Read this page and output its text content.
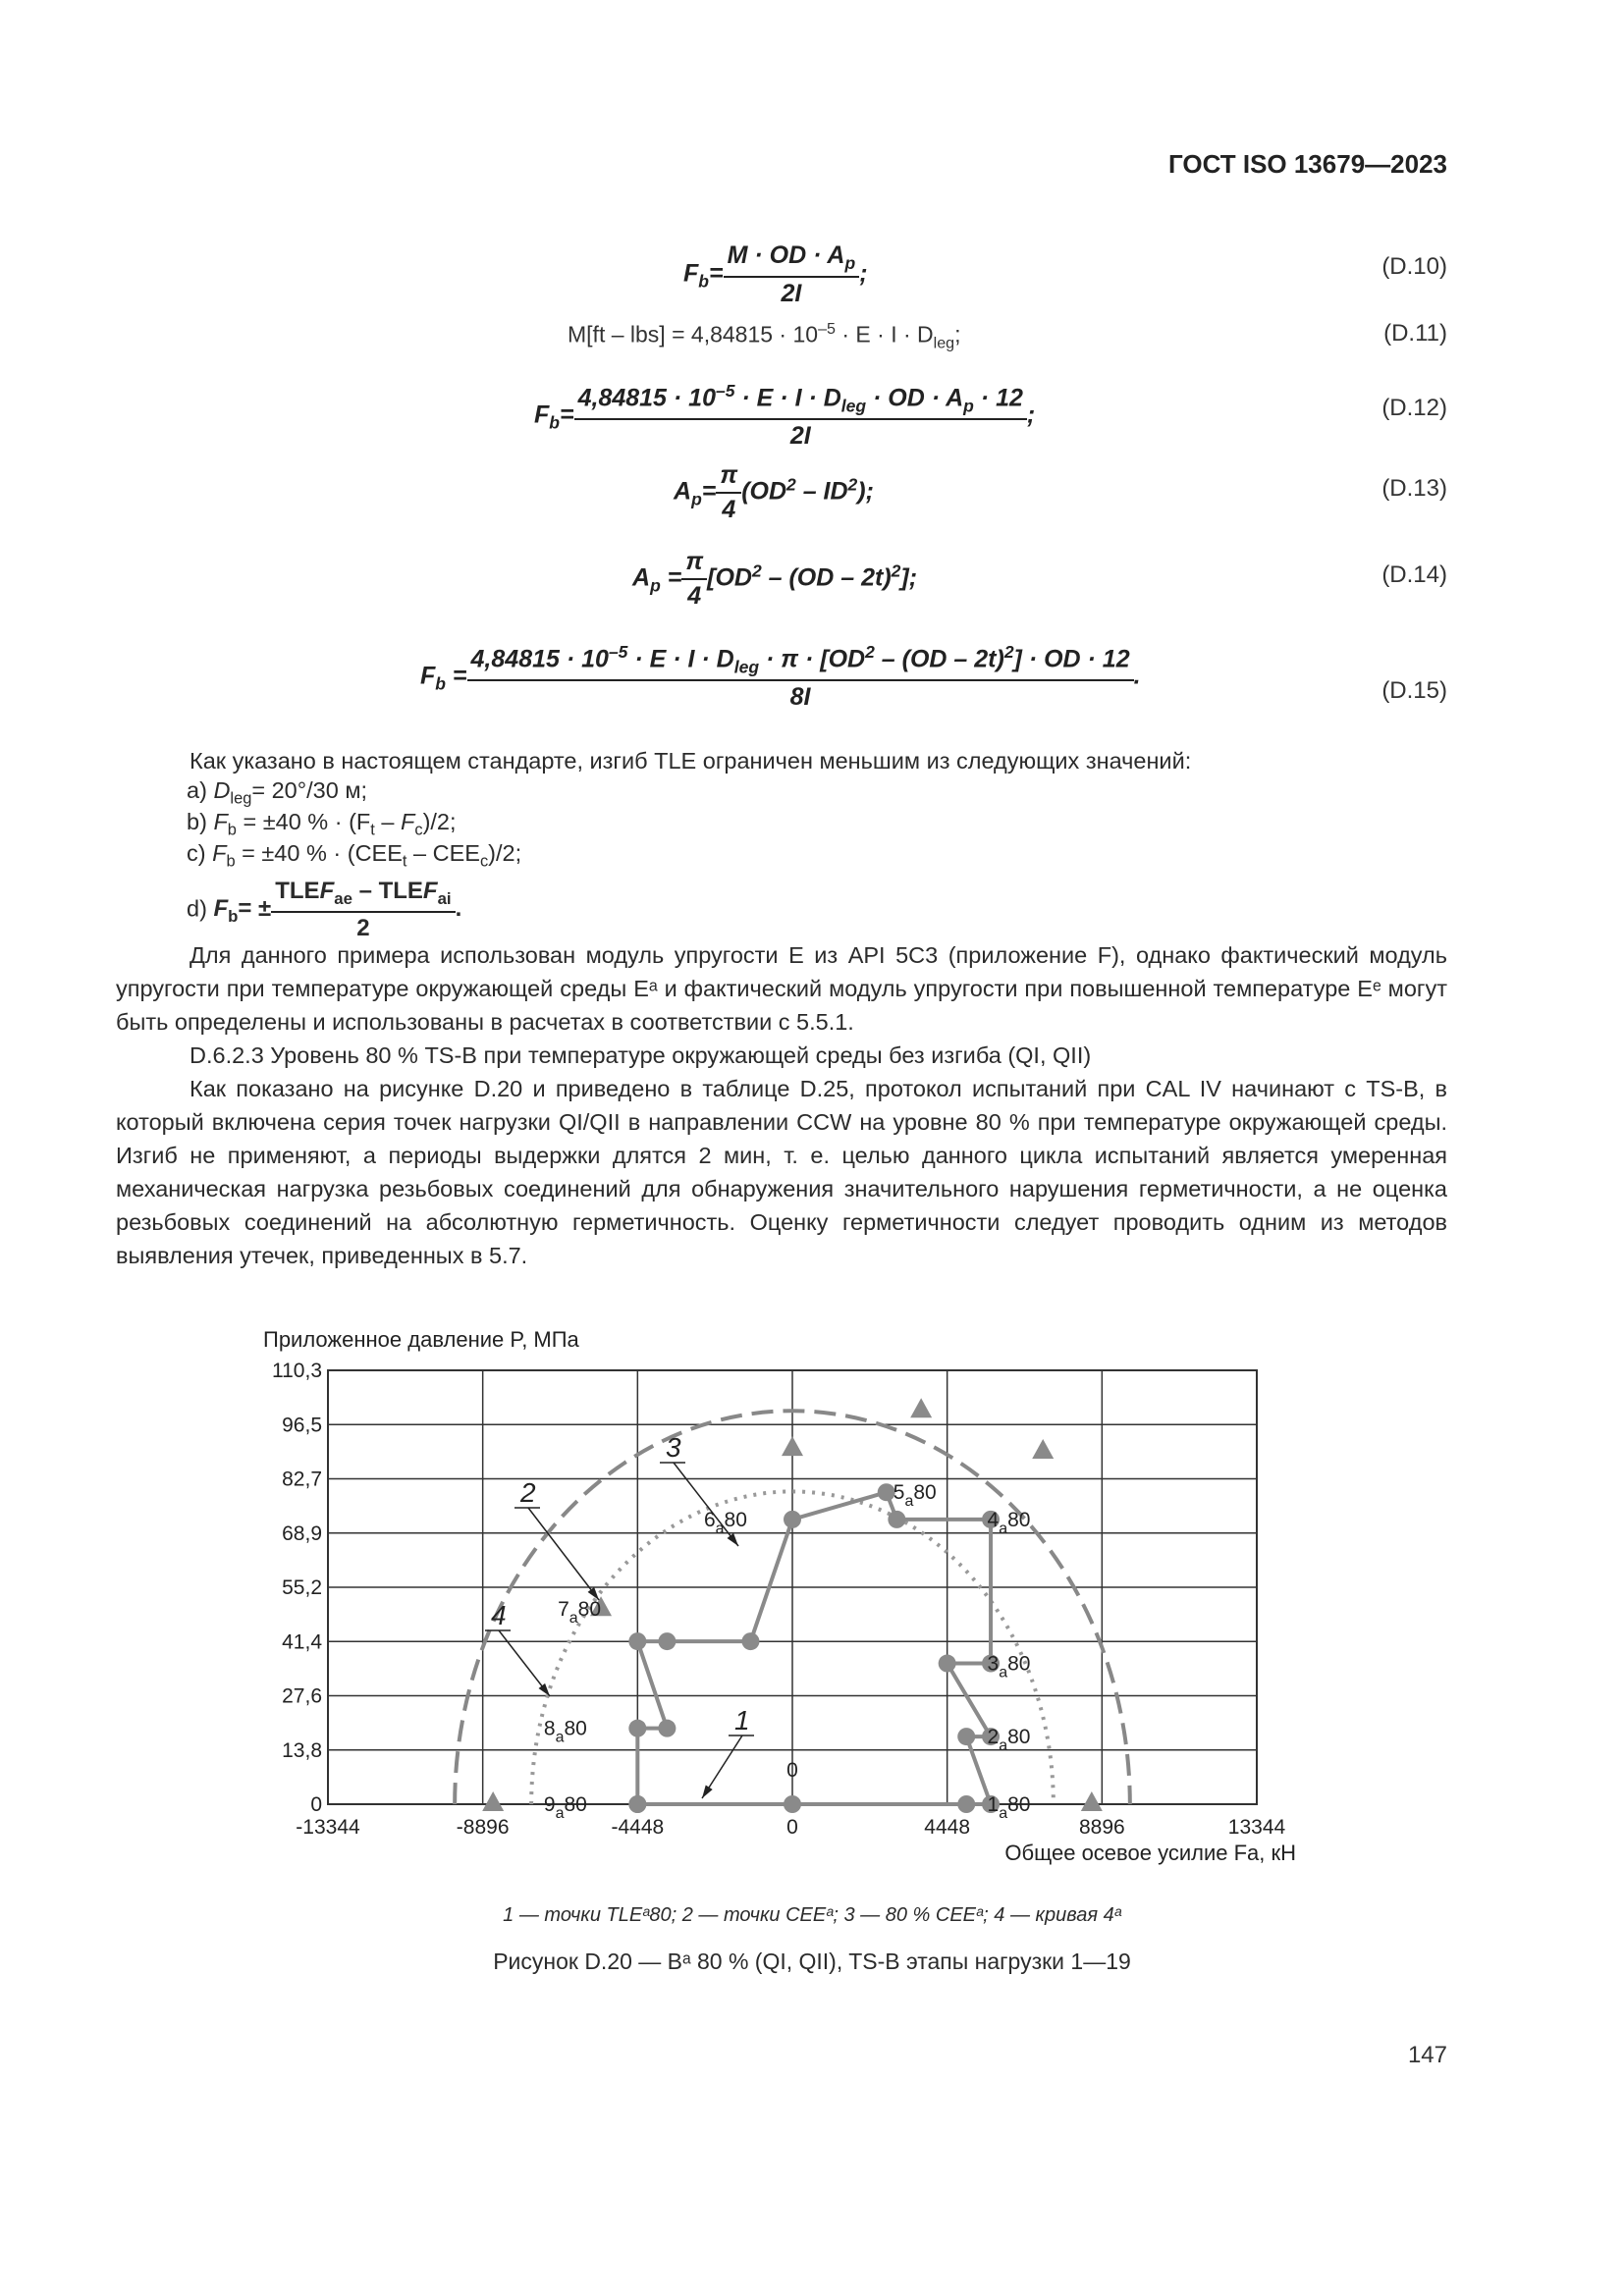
ГОСТ ISO 13679—2023
$F_b= \frac{M \cdot OD \cdot A_p}{2I}$ ;	(D.10)
$M[ft - lbs] = 4,84815 \cdot 10^{-5} \cdot E \cdot I \cdot D_{leg}$;	(D.11)
$F_b= \frac{4,84815 \cdot 10^{-5} \cdot E \cdot I \cdot D_{leg} \cdot OD \cdot A_p \cdot 12}{2I}$ ;	(D.12)
$A_p= \frac{\pi}{4} (OD^2 - ID^2)$;	(D.13)
$A_p = \frac{\pi}{4} [OD^2 - (OD - 2t)^2]$;	(D.14)
$F_b$ =
$4,84815 \cdot 10^{-5} \cdot E \cdot I \cdot D_{leg} \cdot \pi \cdot [OD^2 - (OD - 2t)^2]$ · OD · 12
8I
.
(D.15)
Как указано в настоящем стандарте, изгиб TLE ограничен меньшим из следующих значений:
a) $D_{leg}= 20^\circ/30$ м;
b) $F_b = \pm 40$ % · $(F_t - F_c)/2$;
c) $F_b = \pm 40$ % · $(CEE_t - CEE_c)/2$;
d) $F_b= \pm \frac{TLEF_{ae} - TLEF_{ai}}{2}$ .
Для данного примера использован модуль упругости E из API 5C3 (приложение F), однако фактический модуль упругости при температуре окружающей среды Eᵃ и фактический модуль упругости при повышенной температуре Eᵉ могут быть определены и использованы в расчетах в соответствии с 5.5.1.
D.6.2.3 Уровень 80 % TS-B при температуре окружающей среды без изгиба (QI, QII)
Как показано на рисунке D.20 и приведено в таблице D.25, протокол испытаний при CAL IV начинают с TS-B, в который включена серия точек нагрузки QI/QII в направлении CCW на уровне 80 % при температуре окружающей среды. Изгиб не применяют, а периоды выдержки длятся 2 мин, т. е. целью данного цикла испытаний является умеренная механическая нагрузка резьбовых соединений для обнаружения значительного нарушения герметичности, а не оценка резьбовых соединений на абсолютную герметичность. Оценку герметичности следует проводить одним из методов выявления утечек, приведенных в 5.7.
Приложенное давление P, МПа
Общее осевое усилие Fa, кН
-13344	-8896	-4448	0	4448	8896	13344
0
13,8
27,6
41,4
55,2
68,9
82,7
96,5
110,3
0
$1_a80$
$2_a80$
$3_a80$
$4_a80$
$5_a80$
$6_a80$
$7_a80$
$8_a80$
$9_a80$
1
2
3
4
1 — точки TLEᵃ80; 2 — точки CEEᵃ; 3 — 80 % CEEᵃ; 4 — кривая 4ᵃ
Рисунок D.20 — Bᵃ 80 % (QI, QII), TS-B этапы нагрузки 1—19
147
